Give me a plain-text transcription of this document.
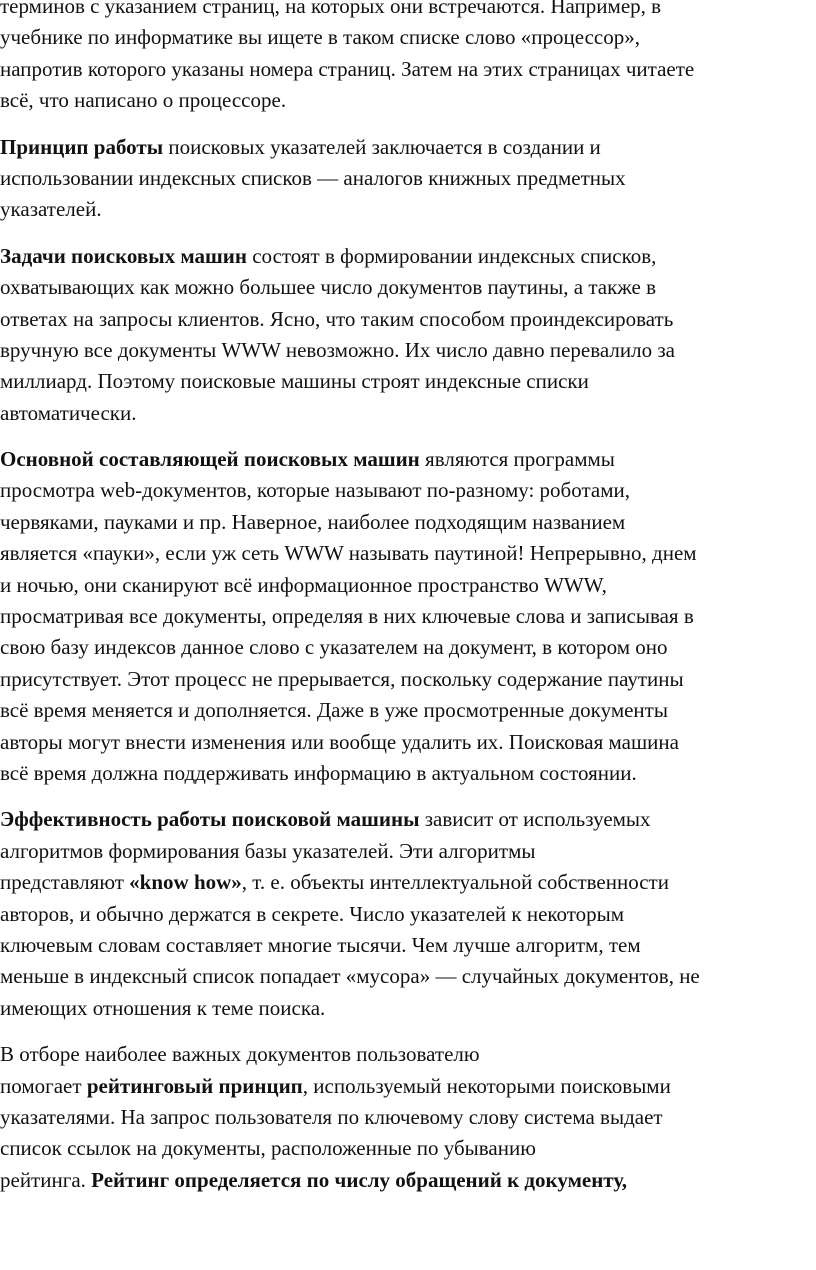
терминов с указанием страниц, на которых они встречаются. Например, в
учебнике по информатике вы ищете в таком списке слово «процессор»,
напротив которого указаны номера страниц. Затем на этих страницах читаете
всё, что написано о процессоре.

Принцип работы поисковых указателей заключается в создании и
использовании индексных списков — аналогов книжных предметных
указателей.

Задачи поисковых машин состоят в формировании индексных списков,
охватывающих как можно большее число документов паутины, а также в
ответах на запросы клиентов. Ясно, что таким способом проиндексировать
вручную все документы WWW невозможно. Их число давно перевалило за
миллиард. Поэтому поисковые машины строят индексные списки
автоматически.

Основной составляющей поисковых машин являются программы
просмотра web-документов, которые называют по-разному: роботами,
червяками, пауками и пр. Наверное, наиболее подходящим названием
является «пауки», если уж сеть WWW называть паутиной! Непрерывно, днем
и ночью, они сканируют всё информационное пространство WWW,
просматривая все документы, определяя в них ключевые слова и записывая в
свою базу индексов данное слово с указателем на документ, в котором оно
присутствует. Этот процесс не прерывается, поскольку содержание паутины
всё время меняется и дополняется. Даже в уже просмотренные документы
авторы могут внести изменения или вообще удалить их. Поисковая машина
всё время должна поддерживать информацию в актуальном состоянии.

Эффективность работы поисковой машины зависит от используемых
алгоритмов формирования базы указателей. Эти алгоритмы
представляют «know how», т. е. объекты интеллектуальной собственности
авторов, и обычно держатся в секрете. Число указателей к некоторым
ключевым словам составляет многие тысячи. Чем лучше алгоритм, тем
меньше в индексный список попадает «мусора» — случайных документов, не
имеющих отношения к теме поиска.

В отборе наиболее важных документов пользователю
помогает рейтинговый принцип, используемый некоторыми поисковыми
указателями. На запрос пользователя по ключевому слову система выдает
список ссылок на документы, расположенные по убыванию
рейтинга. Рейтинг определяется по числу обращений к документу,
